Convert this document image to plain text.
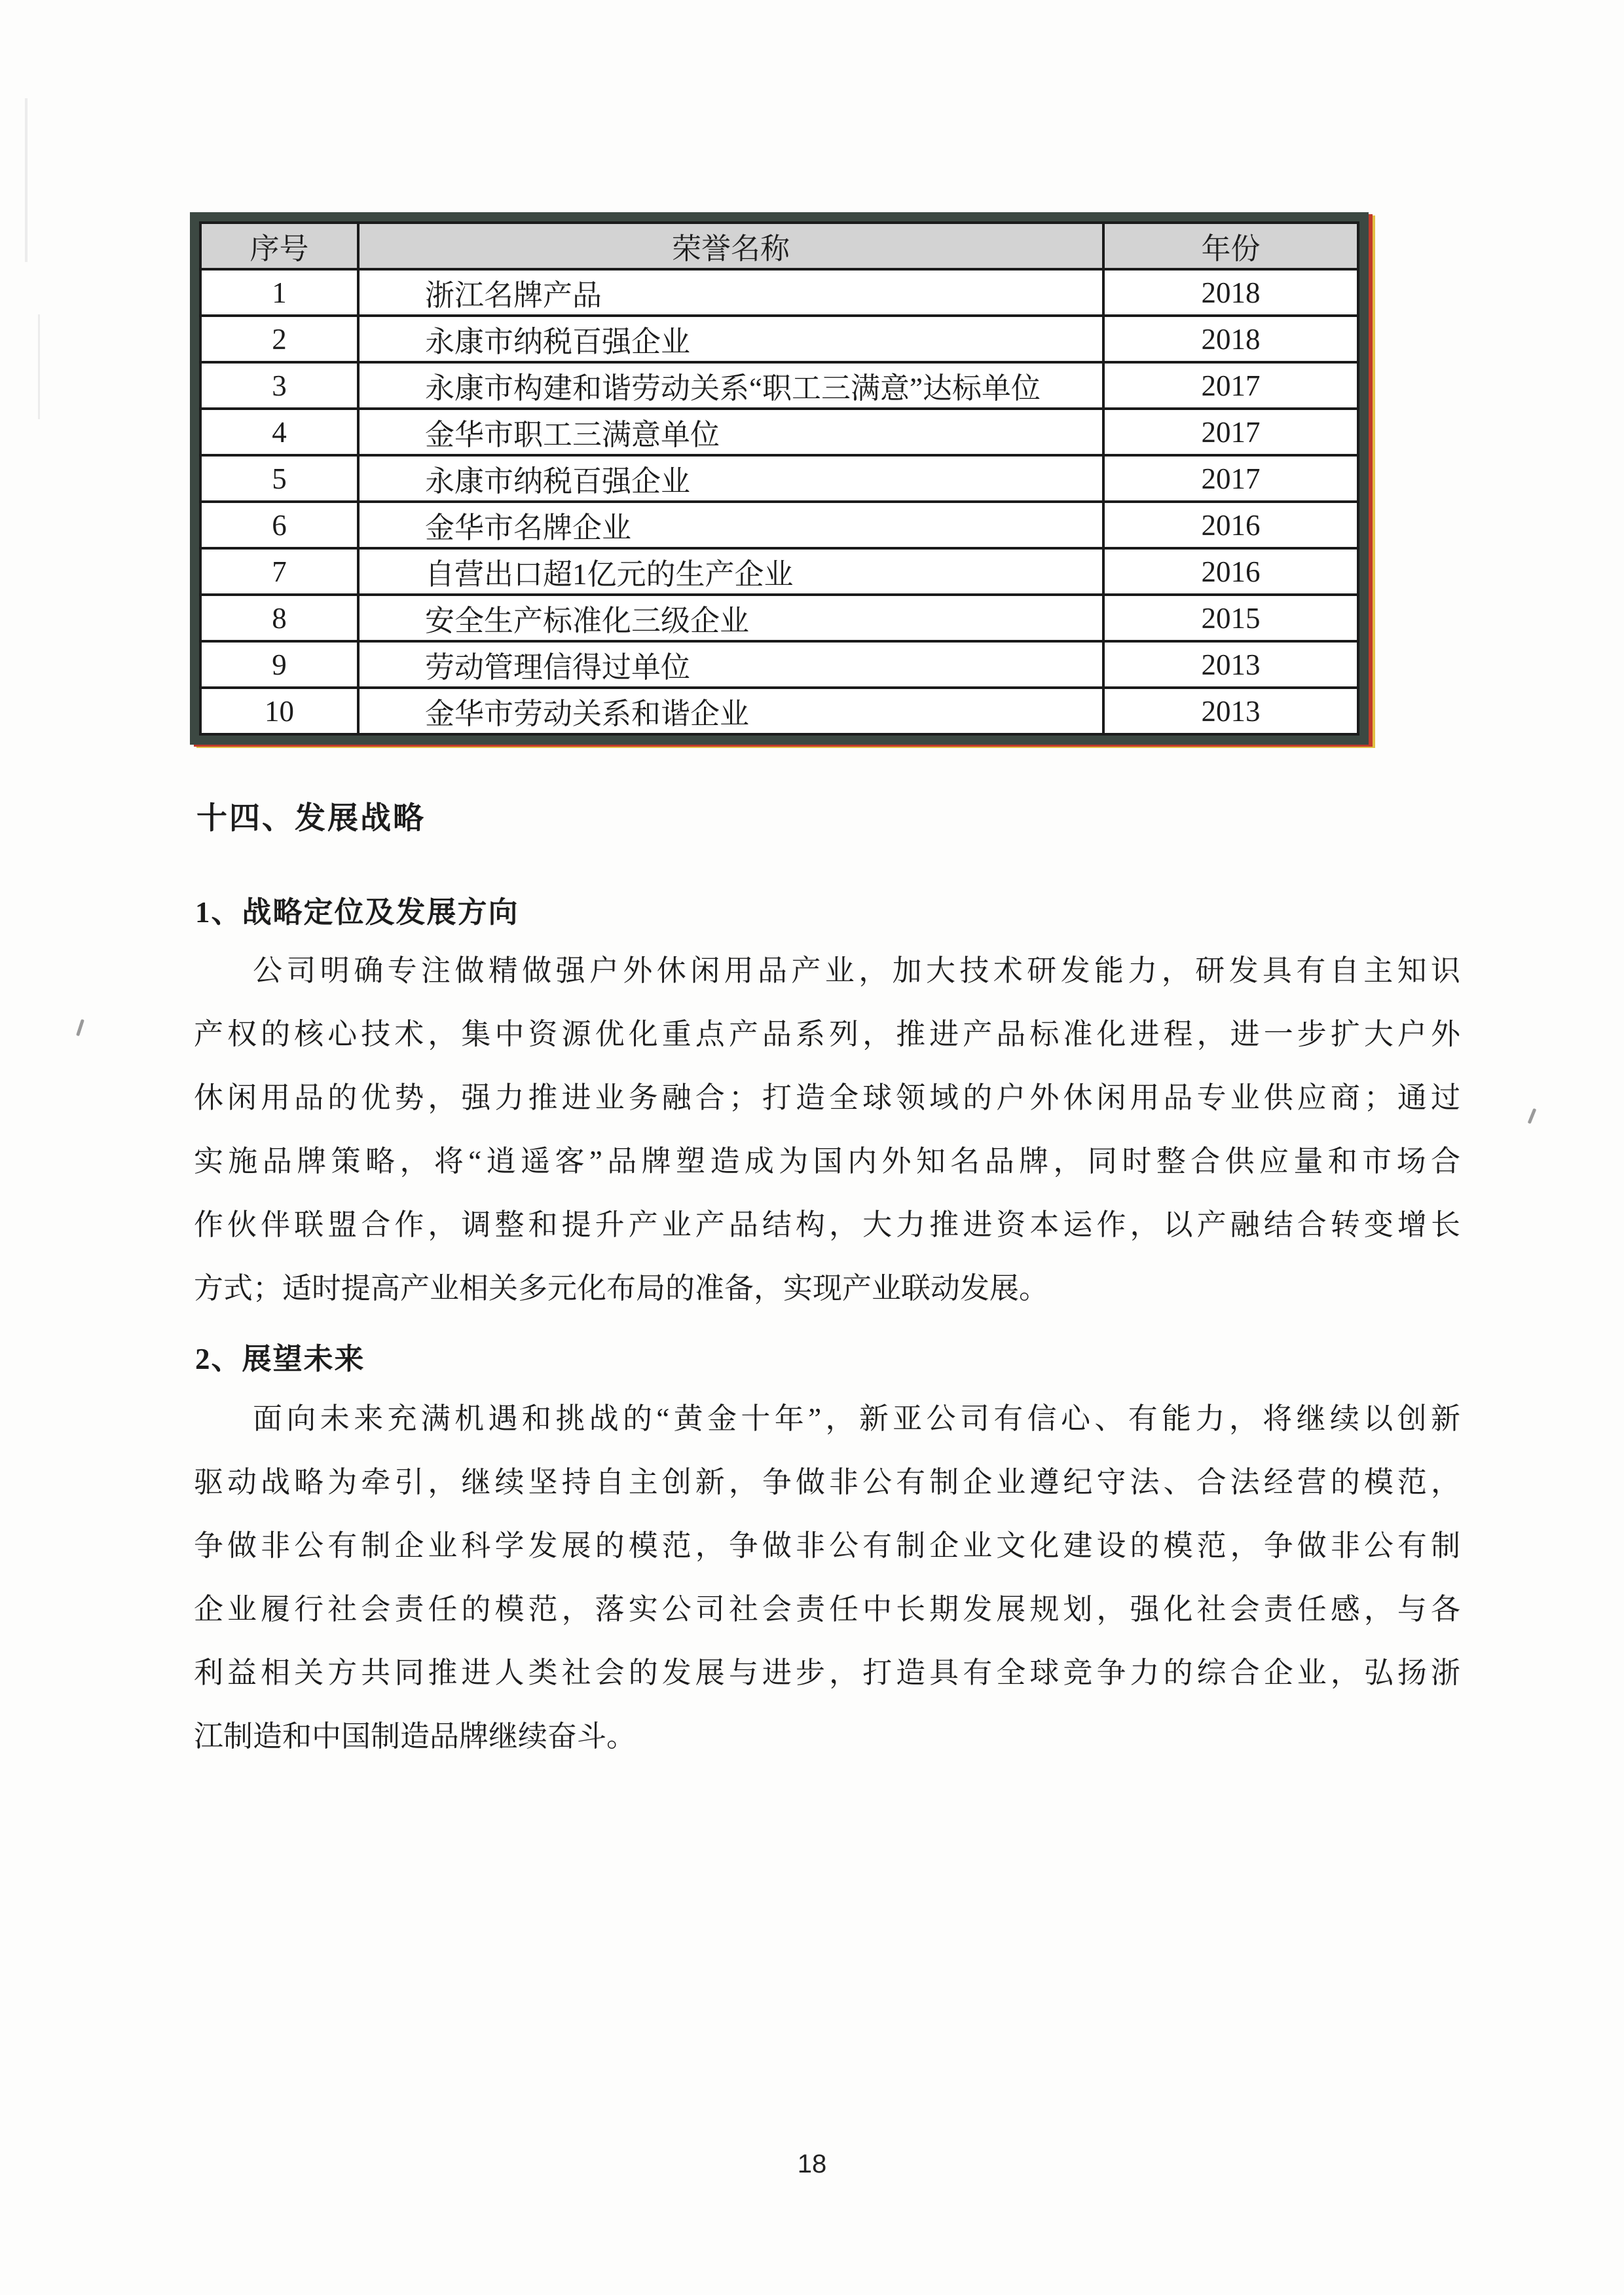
序号	荣誉名称	年份
1	浙江名牌产品	2018
2	永康市纳税百强企业	2018
3	永康市构建和谐劳动关系“职工三满意”达标单位	2017
4	金华市职工三满意单位	2017
5	永康市纳税百强企业	2017
6	金华市名牌企业	2016
7	自营出口超1亿元的生产企业	2016
8	安全生产标准化三级企业	2015
9	劳动管理信得过单位	2013
10	金华市劳动关系和谐企业	2013
十四、发展战略
1、战略定位及发展方向
公司明确专注做精做强户外休闲用品产业，加大技术研发能力，研发具有自主知识
产权的核心技术，集中资源优化重点产品系列，推进产品标准化进程，进一步扩大户外
休闲用品的优势，强力推进业务融合；打造全球领域的户外休闲用品专业供应商；通过
实施品牌策略，将“逍遥客”品牌塑造成为国内外知名品牌，同时整合供应量和市场合
作伙伴联盟合作，调整和提升产业产品结构，大力推进资本运作，以产融结合转变增长
方式；适时提高产业相关多元化布局的准备，实现产业联动发展。
2、展望未来
面向未来充满机遇和挑战的“黄金十年”，新亚公司有信心、有能力，将继续以创新
驱动战略为牵引，继续坚持自主创新，争做非公有制企业遵纪守法、合法经营的模范，
争做非公有制企业科学发展的模范，争做非公有制企业文化建设的模范，争做非公有制
企业履行社会责任的模范，落实公司社会责任中长期发展规划，强化社会责任感，与各
利益相关方共同推进人类社会的发展与进步，打造具有全球竞争力的综合企业，弘扬浙
江制造和中国制造品牌继续奋斗。
18
